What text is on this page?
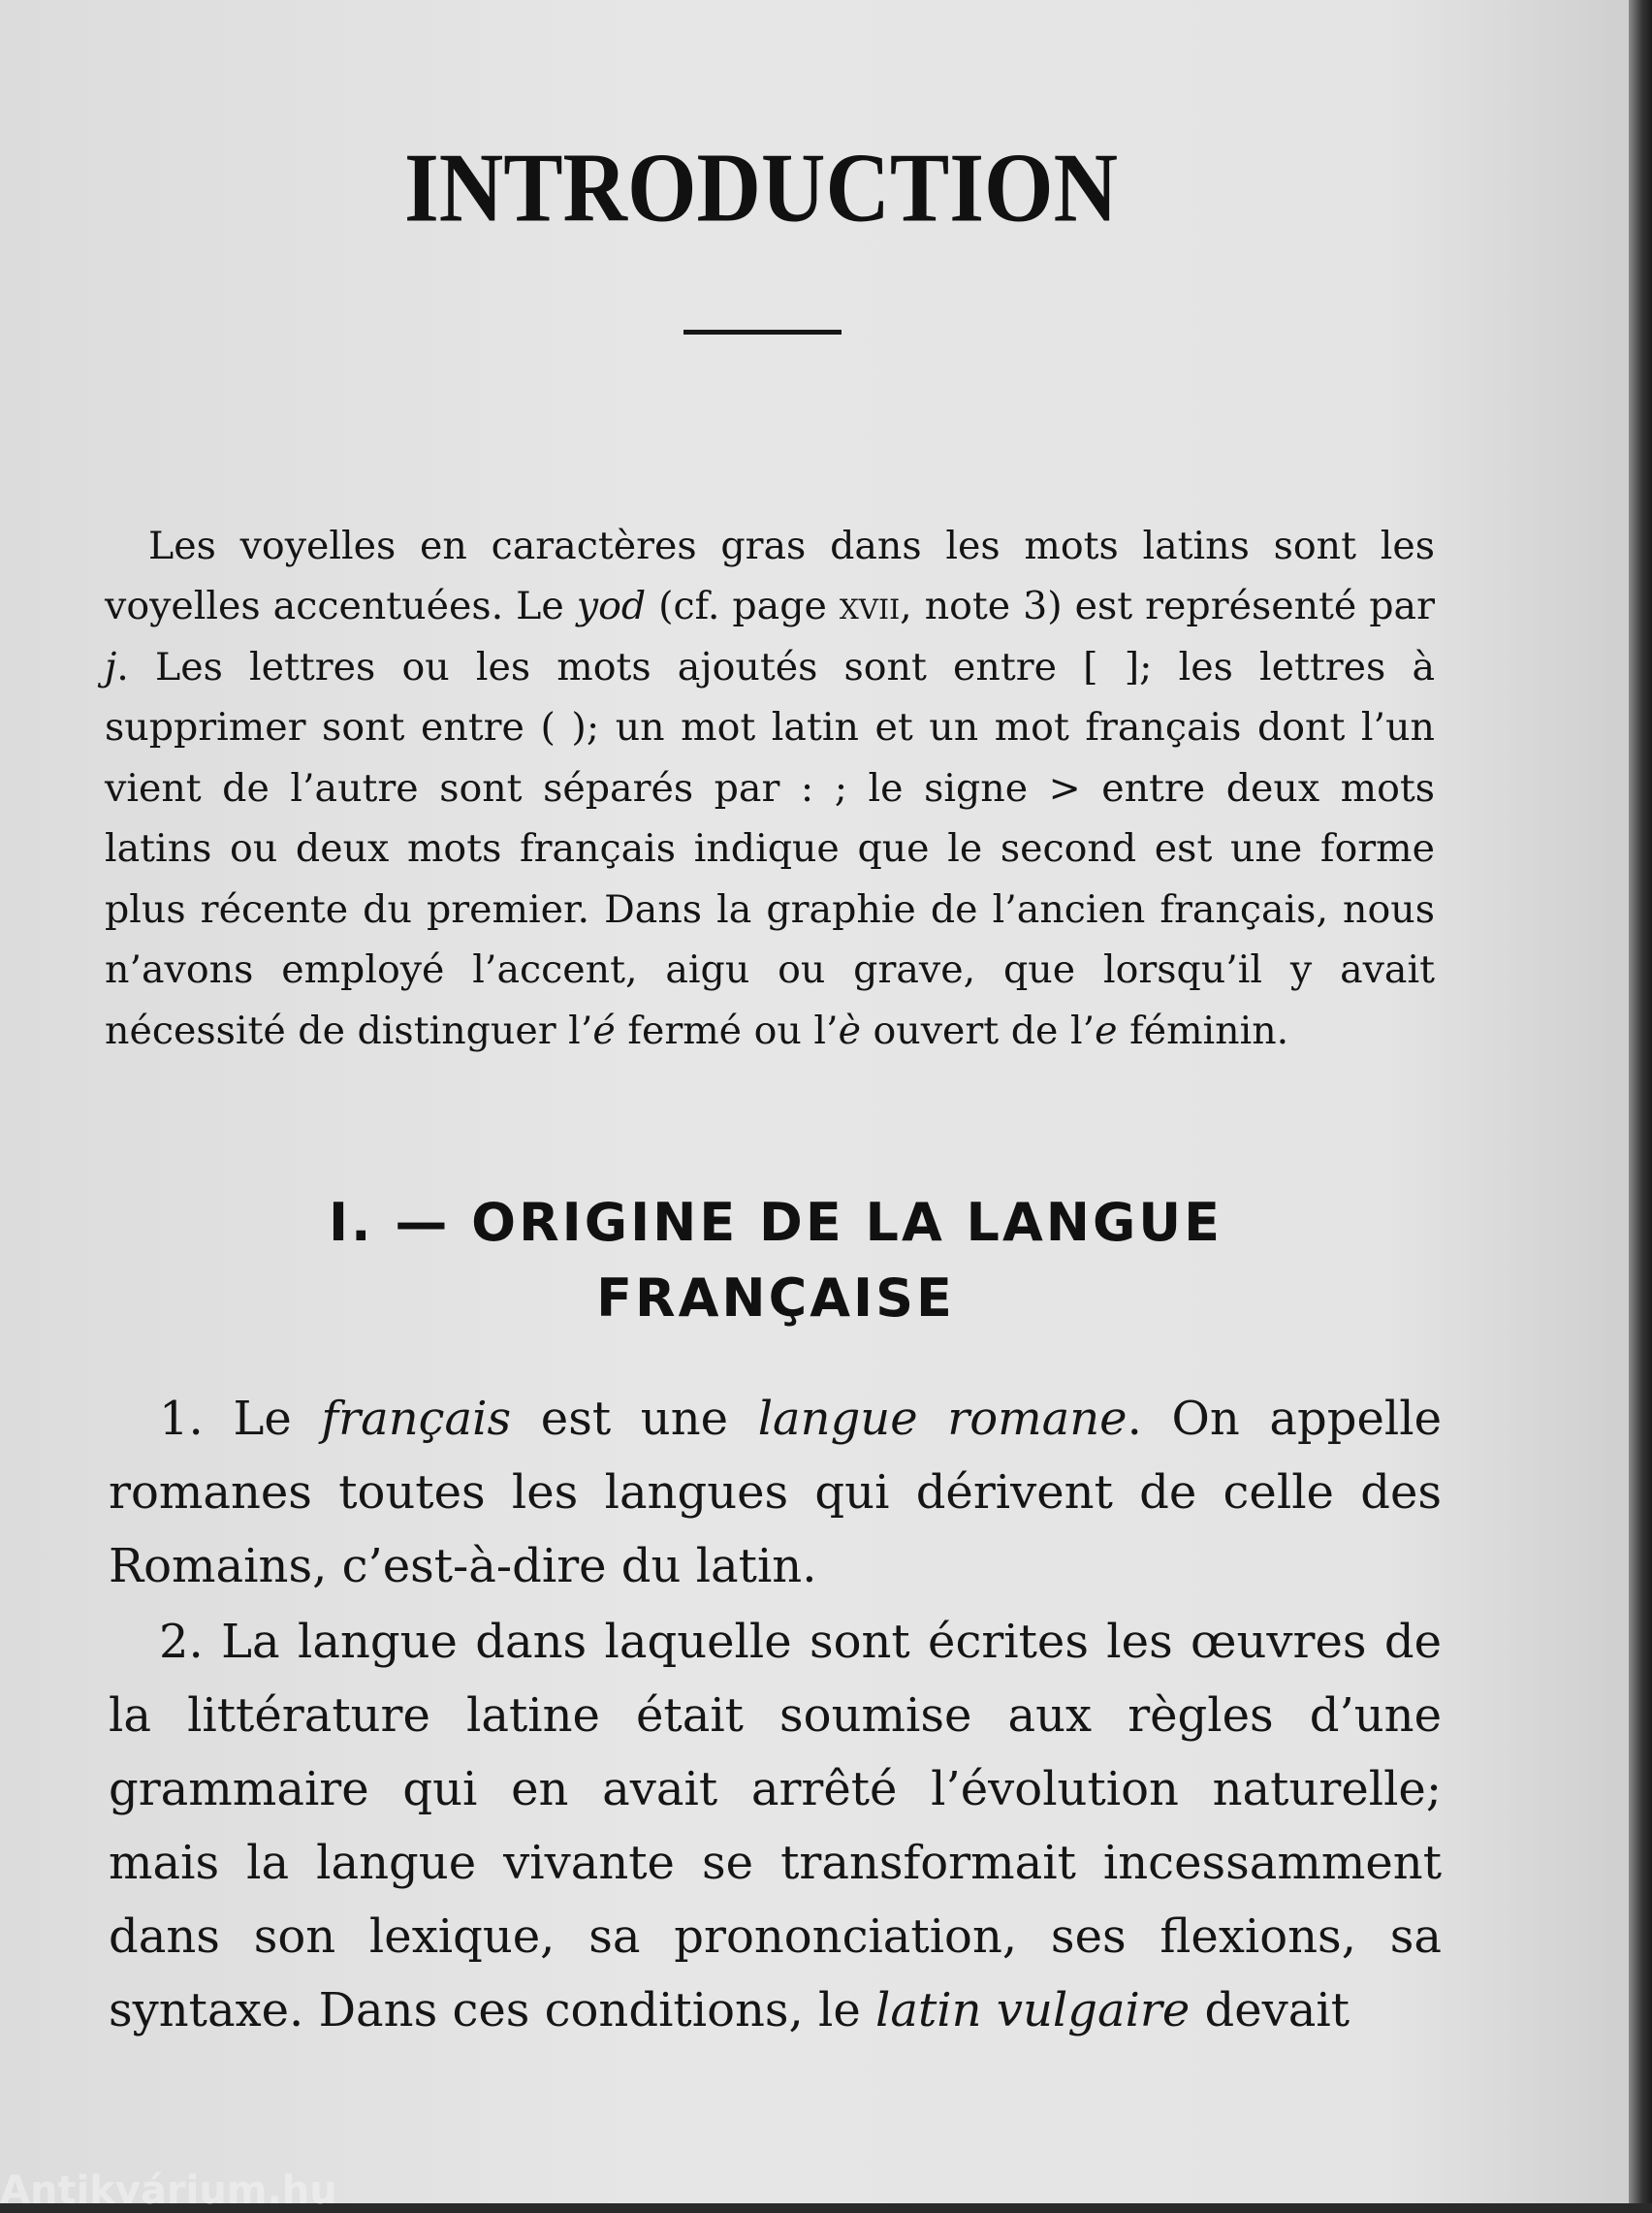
INTRODUCTION

Les voyelles en caractères gras dans les mots latins sont les voyelles accentuées. Le yod (cf. page xvii, note 3) est représenté par j. Les lettres ou les mots ajoutés sont entre [ ]; les lettres à supprimer sont entre ( ); un mot latin et un mot français dont l’un vient de l’autre sont séparés par : ; le signe > entre deux mots latins ou deux mots français indique que le second est une forme plus récente du premier. Dans la graphie de l’ancien français, nous n’avons employé l’accent, aigu ou grave, que lorsqu’il y avait nécessité de distinguer l’é fermé ou l’è ouvert de l’e féminin.

I. — ORIGINE DE LA LANGUE
FRANÇAISE

1. Le français est une langue romane. On appelle romanes toutes les langues qui dérivent de celle des Romains, c’est-à-dire du latin.

2. La langue dans laquelle sont écrites les œuvres de la littérature latine était soumise aux règles d’une grammaire qui en avait arrêté l’évolution naturelle; mais la langue vivante se transformait incessamment dans son lexique, sa prononciation, ses flexions, sa syntaxe. Dans ces conditions, le latin vulgaire devait

Antikvárium.hu
